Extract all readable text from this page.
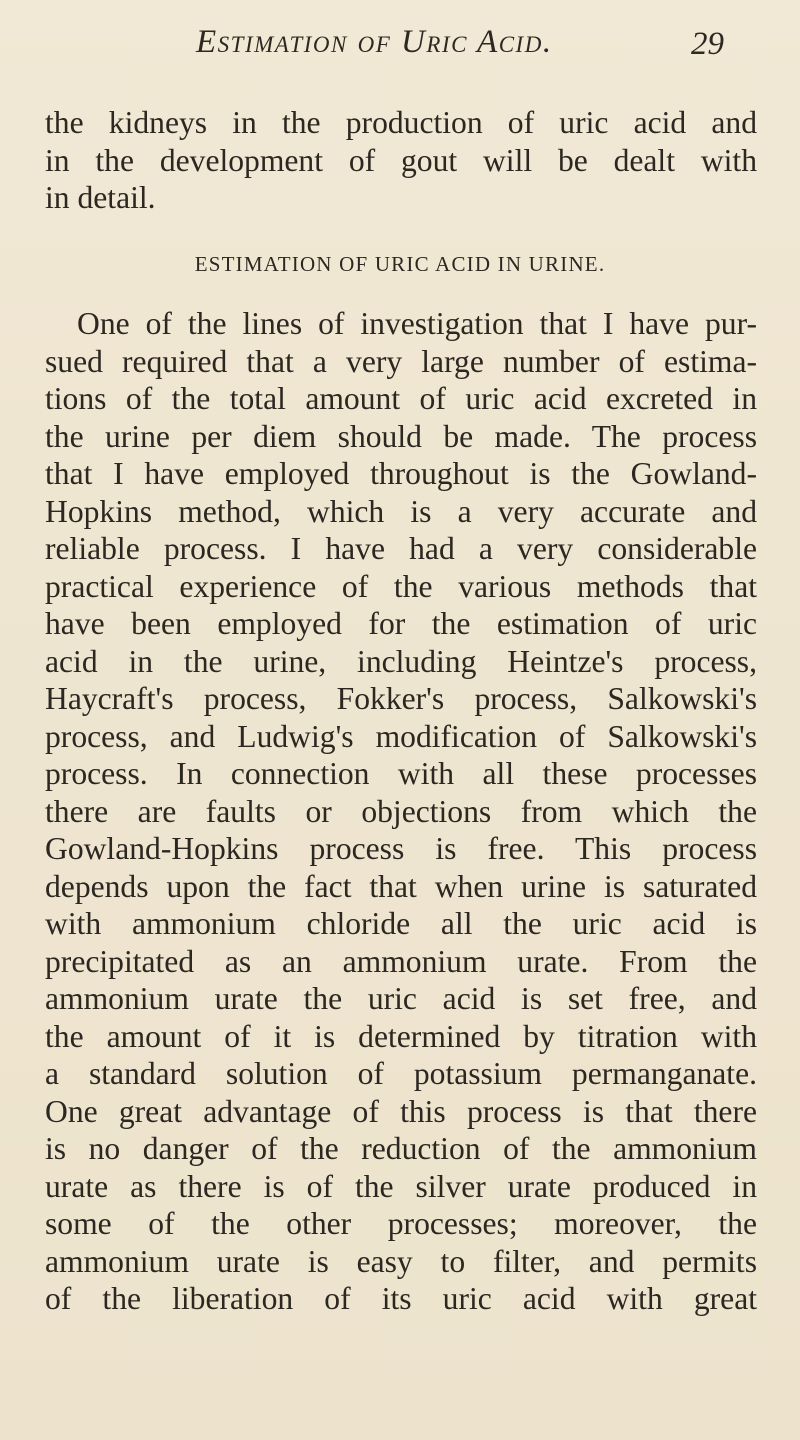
Estimation of Uric Acid.	29
the kidneys in the production of uric acid and
in the development of gout will be dealt with
in detail.
ESTIMATION OF URIC ACID IN URINE.
One of the lines of investigation that I have pur-
sued required that a very large number of estima-
tions of the total amount of uric acid excreted in
the urine per diem should be made. The process
that I have employed throughout is the Gowland-
Hopkins method, which is a very accurate and
reliable process. I have had a very considerable
practical experience of the various methods that
have been employed for the estimation of uric
acid in the urine, including Heintze's process,
Haycraft's process, Fokker's process, Salkowski's
process, and Ludwig's modification of Salkowski's
process. In connection with all these processes
there are faults or objections from which the
Gowland-Hopkins process is free. This process
depends upon the fact that when urine is saturated
with ammonium chloride all the uric acid is
precipitated as an ammonium urate. From the
ammonium urate the uric acid is set free, and
the amount of it is determined by titration with
a standard solution of potassium permanganate.
One great advantage of this process is that there
is no danger of the reduction of the ammonium
urate as there is of the silver urate produced in
some of the other processes; moreover, the
ammonium urate is easy to filter, and permits
of the liberation of its uric acid with great
